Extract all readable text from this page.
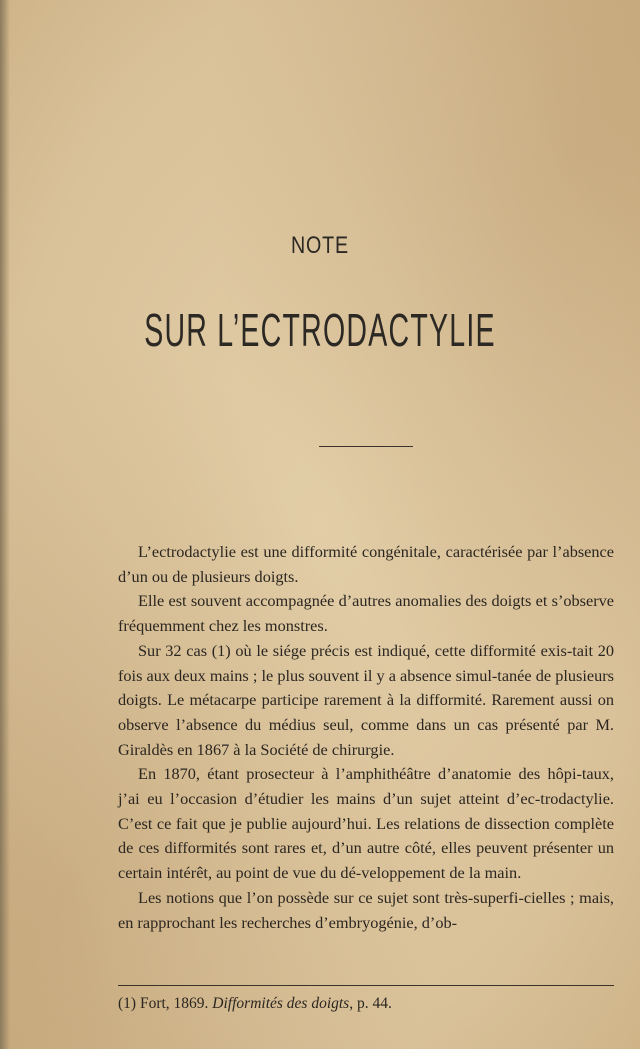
NOTE
SUR L’ECTRODACTYLIE

L’ectrodactylie est une difformité congénitale, caractérisée par l’absence d’un ou de plusieurs doigts.

Elle est souvent accompagnée d’autres anomalies des doigts et s’observe fréquemment chez les monstres.

Sur 32 cas (1) où le siége précis est indiqué, cette difformité exis-tait 20 fois aux deux mains ; le plus souvent il y a absence simul-tanée de plusieurs doigts. Le métacarpe participe rarement à la difformité. Rarement aussi on observe l’absence du médius seul, comme dans un cas présenté par M. Giraldès en 1867 à la Société de chirurgie.

En 1870, étant prosecteur à l’amphithéâtre d’anatomie des hôpi-taux, j’ai eu l’occasion d’étudier les mains d’un sujet atteint d’ec-trodactylie. C’est ce fait que je publie aujourd’hui. Les relations de dissection complète de ces difformités sont rares et, d’un autre côté, elles peuvent présenter un certain intérêt, au point de vue du dé-veloppement de la main.

Les notions que l’on possède sur ce sujet sont très-superfi-cielles ; mais, en rapprochant les recherches d’embryogénie, d’ob-

(1) Fort, 1869. Difformités des doigts, p. 44.
